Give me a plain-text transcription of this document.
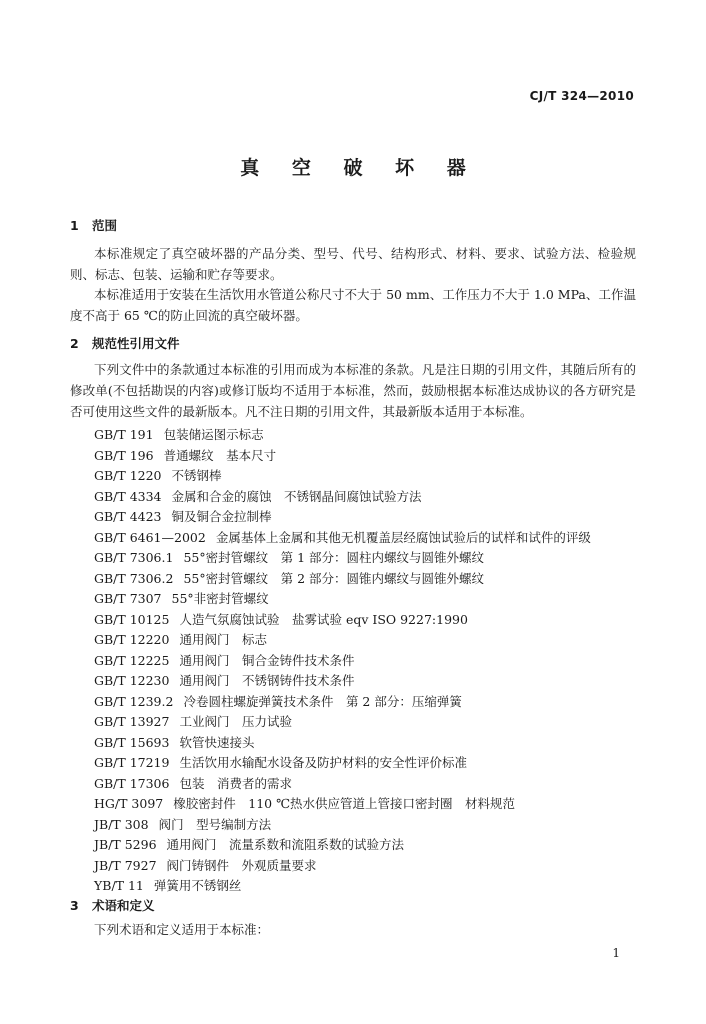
CJ/T 324—2010
真 空 破 坏 器
1 范围

本标准规定了真空破坏器的产品分类、型号、代号、结构形式、材料、要求、试验方法、检验规则、标志、包装、运输和贮存等要求。

本标准适用于安装在生活饮用水管道公称尺寸不大于 50 mm、工作压力不大于 1.0 MPa、工作温度不高于 65 ℃的防止回流的真空破坏器。

2 规范性引用文件

下列文件中的条款通过本标准的引用而成为本标准的条款。凡是注日期的引用文件，其随后所有的修改单(不包括勘误的内容)或修订版均不适用于本标准，然而，鼓励根据本标准达成协议的各方研究是否可使用这些文件的最新版本。凡不注日期的引用文件，其最新版本适用于本标准。

GB/T 191 包装储运图示标志
GB/T 196 普通螺纹　基本尺寸
GB/T 1220 不锈钢棒
GB/T 4334 金属和合金的腐蚀　不锈钢晶间腐蚀试验方法
GB/T 4423 铜及铜合金拉制棒
GB/T 6461—2002 金属基体上金属和其他无机覆盖层经腐蚀试验后的试样和试件的评级
GB/T 7306.1 55°密封管螺纹　第 1 部分：圆柱内螺纹与圆锥外螺纹
GB/T 7306.2 55°密封管螺纹　第 2 部分：圆锥内螺纹与圆锥外螺纹
GB/T 7307 55°非密封管螺纹
GB/T 10125 人造气氛腐蚀试验　盐雾试验 eqv ISO 9227:1990
GB/T 12220 通用阀门　标志
GB/T 12225 通用阀门　铜合金铸件技术条件
GB/T 12230 通用阀门　不锈钢铸件技术条件
GB/T 1239.2 冷卷圆柱螺旋弹簧技术条件　第 2 部分：压缩弹簧
GB/T 13927 工业阀门　压力试验
GB/T 15693 软管快速接头
GB/T 17219 生活饮用水输配水设备及防护材料的安全性评价标准
GB/T 17306 包装　消费者的需求
HG/T 3097 橡胶密封件　110 ℃热水供应管道上管接口密封圈　材料规范
JB/T 308 阀门　型号编制方法
JB/T 5296 通用阀门　流量系数和流阻系数的试验方法
JB/T 7927 阀门铸钢件　外观质量要求
YB/T 11 弹簧用不锈钢丝
3 术语和定义

下列术语和定义适用于本标准：

1
